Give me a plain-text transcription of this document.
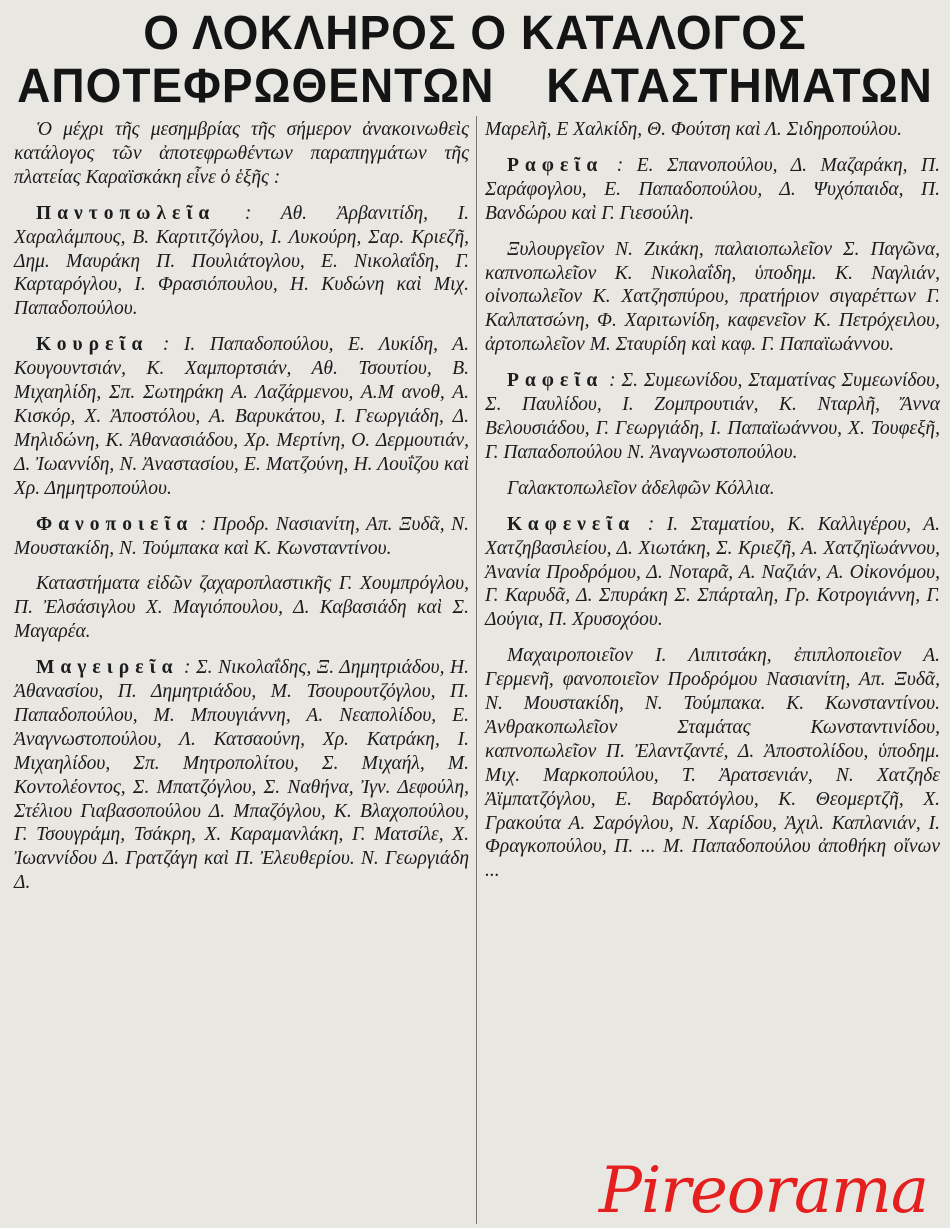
Ο ΛΟΚΛΗΡΟΣ Ο ΚΑΤΑΛΟΓΟΣ
ΑΠΟΤΕΦΡΩΘΕΝΤΩΝ ΚΑΤΑΣΤΗΜΑΤΩΝ

Ὁ μέχρι τῆς μεσημβρίας τῆς σήμερον ἀνακοινωθεὶς κατάλογος τῶν ἀποτεφρωθέντων παραπηγμάτων τῆς πλατείας Καραϊσκάκη εἶνε ὁ ἑξῆς :

Παντοπωλεῖα : Αθ. Ἀρβανιτίδη, Ι. Χαραλάμπους, Β. Καρτιτζόγλου, Ι. Λυκούρη, Σαρ. Κριεζῆ, Δημ. Μαυράκη Π. Πουλιάτογλου, Ε. Νικολαΐδη, Γ. Καρταρόγλου, Ι. Φρασιόπουλου, Η. Κυδώνη καὶ Μιχ. Παπαδοπούλου.

Κουρεῖα : Ι. Παπαδοπούλου, Ε. Λυκίδη, Α. Κουγουντσιάν, Κ. Χαμπορτσιάν, Αθ. Τσουτίου, Β. Μιχαηλίδη, Σπ. Σωτηράκη Α. Λαζάρμενου, Α.Μ ανοθ, Α. Κισκόρ, Χ. Ἀποστόλου, Α. Βαρυκάτου, Ι. Γεωργιάδη, Δ. Μηλιδώνη, Κ. Ἀθανασιάδου, Χρ. Μερτίνη, Ο. Δερμουτιάν, Δ. Ἰωαννίδη, Ν. Ἀναστασίου, Ε. Ματζούνη, Η. Λουΐζου καὶ Χρ. Δημητροπούλου.

Φανοποιεῖα : Προδρ. Νασιανίτη, Απ. Ξυδᾶ, Ν. Μουστακίδη, Ν. Τούμπακα καὶ Κ. Κωνσταντίνου.

Καταστήματα εἰδῶν ζαχαροπλαστικῆς Γ. Χουμπρόγλου, Π. Ἐλσάσιγλου Χ. Μαγιόπουλου, Δ. Καβασιάδη καὶ Σ. Μαγαρέα.

Μαγειρεῖα : Σ. Νικολαΐδης, Ξ. Δημητριάδου, Η. Ἀθανασίου, Π. Δημητριάδου, Μ. Τσουρουτζόγλου, Π. Παπαδοπούλου, Μ. Μπουγιάννη, Α. Νεαπολίδου, Ε. Ἀναγνωστοπούλου, Λ. Κατσαούνη, Χρ. Κατράκη, Ι. Μιχαηλίδου, Σπ. Μητροπολίτου, Σ. Μιχαήλ, Μ. Κοντολέοντος, Σ. Μπατζόγλου, Σ. Ναθήνα, Ἰγν. Δεφούλη, Στέλιου Γιαβασοπούλου Δ. Μπαζόγλου, Κ. Βλαχοπούλου, Γ. Τσουγράμη, Τσάκρη, Χ. Καραμανλάκη, Γ. Ματσίλε, Χ. Ἰωαννίδου Δ. Γρατζάγη καὶ Π. Ἐλευθερίου. Ν. Γεωργιάδη Δ.

Μαρελῆ, Ε Χαλκίδη, Θ. Φούτση καὶ Λ. Σιδηροπούλου.

Ραφεῖα : Ε. Σπανοπούλου, Δ. Μαζαράκη, Π. Σαράφογλου, Ε. Παπαδοπούλου, Δ. Ψυχόπαιδα, Π. Βανδώρου καὶ Γ. Γιεσούλη.

Ξυλουργεῖον Ν. Ζικάκη, παλαιοπωλεῖον Σ. Παγῶνα, καπνοπωλεῖον Κ. Νικολαΐδη, ὑποδημ. Κ. Ναγλιάν, οἰνοπωλεῖον Κ. Χατζησπύρου, πρατήριον σιγαρέττων Γ. Καλπατσώνη, Φ. Χαριτωνίδη, καφενεῖον Κ. Πετρόχειλου, ἀρτοπωλεῖον Μ. Σταυρίδη καὶ καφ. Γ. Παπαϊωάννου.

Ραφεῖα : Σ. Συμεωνίδου, Σταματίνας Συμεωνίδου, Σ. Παυλίδου, Ι. Ζομπρουτιάν, Κ. Νταρλῆ, Ἄννα Βελουσιάδου, Γ. Γεωργιάδη, Ι. Παπαϊωάννου, Χ. Τουφεξῆ, Γ. Παπαδοπούλου Ν. Ἀναγνωστοπούλου.

Γαλακτοπωλεῖον ἀδελφῶν Κόλλια.

Καφενεῖα : Ι. Σταματίου, Κ. Καλλιγέρου, Α. Χατζηβασιλείου, Δ. Χιωτάκη, Σ. Κριεζῆ, Α. Χατζηϊωάννου, Ἀνανία Προδρόμου, Δ. Νοταρᾶ, Α. Ναζιάν, Α. Οἰκονόμου, Γ. Καρυδᾶ, Δ. Σπυράκη Σ. Σπάρταλη, Γρ. Κοτρογιάννη, Γ. Δούγια, Π. Χρυσοχόου.

Μαχαιροποιεῖον Ι. Λιπιτσάκη, ἐπιπλοποιεῖον Α. Γερμενῆ, φανοποιεῖον Προδρόμου Νασιανίτη, Απ. Ξυδᾶ, Ν. Μουστακίδη, Ν. Τούμπακα. Κ. Κωνσταντίνου. Ἀνθρακοπωλεῖον Σταμάτας Κωνσταντινίδου, καπνοπωλεῖον Π. Ἐλαντζαντέ, Δ. Ἀποστολίδου, ὑποδημ. Μιχ. Μαρκοπούλου, Τ. Ἀρατσενιάν, Ν. Χατζηδε Ἀϊμπατζόγλου, Ε. Βαρδατόγλου, Κ. Θεομερτζῆ, Χ. Γρακούτα Α. Σαρόγλου, Ν. Χαρίδου, Ἀχιλ. Καπλανιάν, Ι. Φραγκοπούλου, Π. ... Μ. Παπαδοπούλου ἀποθήκη οἴνων ...

Pireorama
